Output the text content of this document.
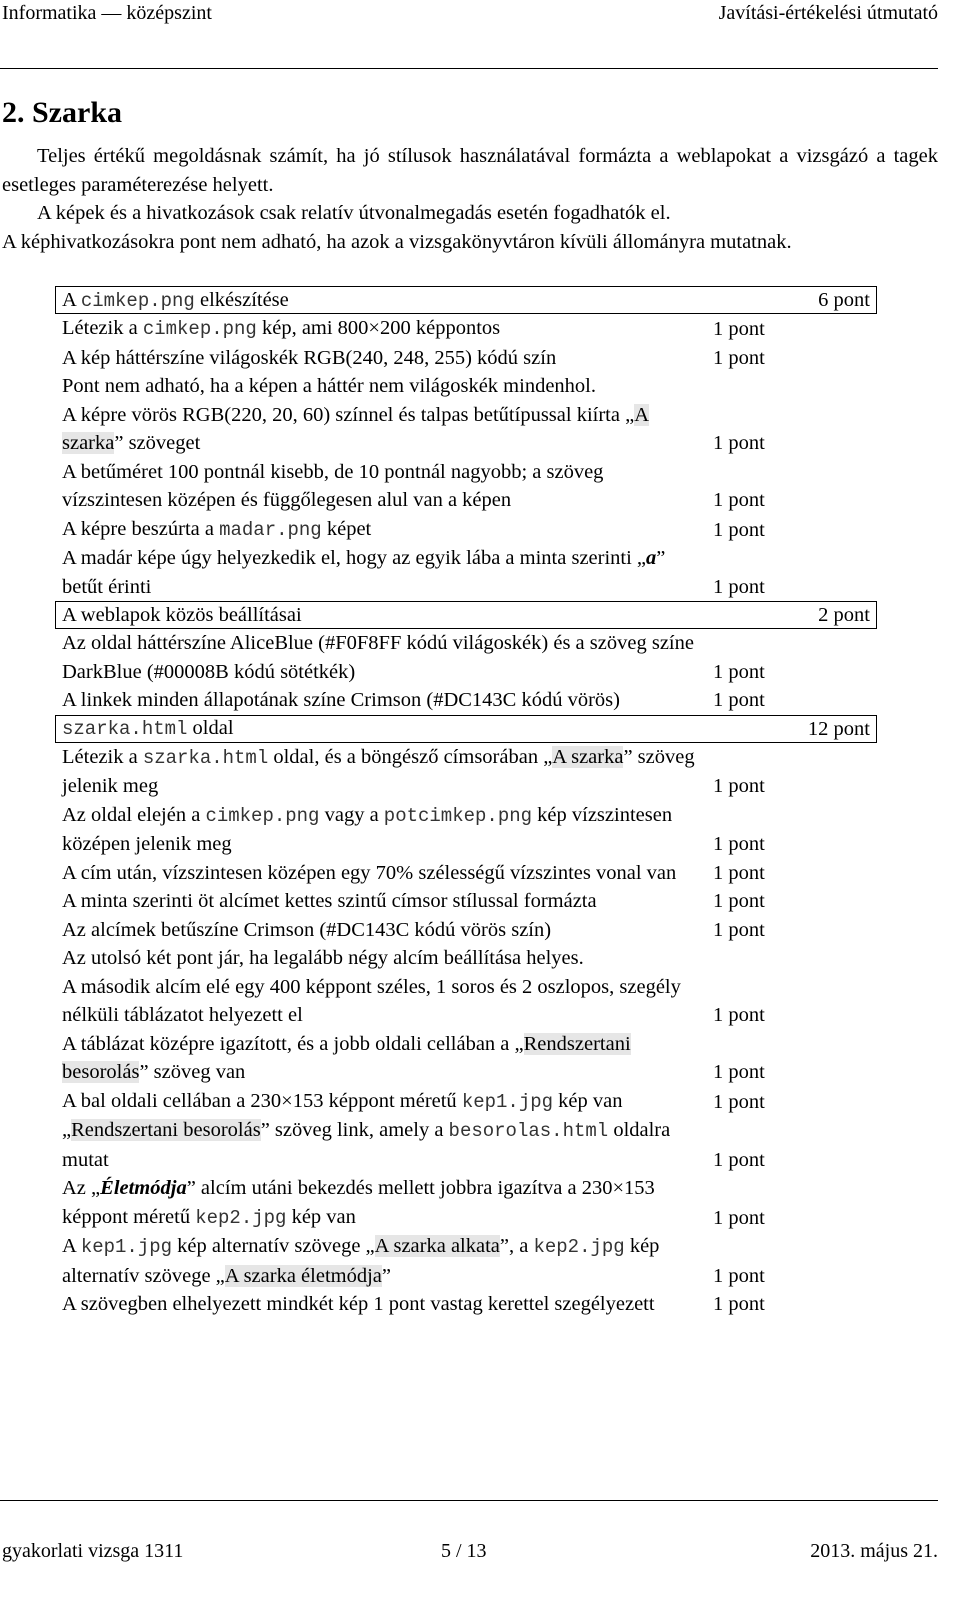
Informatika — középszint	Javítási-értékelési útmutató
2. Szarka

Teljes értékű megoldásnak számít, ha jó stílusok használatával formázta a weblapokat a vizsgázó a tagek esetleges paraméterezése helyett.

A képek és a hivatkozások csak relatív útvonalmegadás esetén fogadhatók el.

A képhivatkozásokra pont nem adható, ha azok a vizsgakönyvtáron kívüli állományra mutatnak.

A cimkep.png elkészítése	6 pont
Létezik a cimkep.png kép, ami 800×200 képpontos	1 pont
A kép háttérszíne világoskék RGB(240, 248, 255) kódú szín	1 pont
Pont nem adható, ha a képen a háttér nem világoskék mindenhol.
A képre vörös RGB(220, 20, 60) színnel és talpas betűtípussal kiírta „A szarka” szöveget	1 pont
A betűméret 100 pontnál kisebb, de 10 pontnál nagyobb; a szöveg vízszintesen középen és függőlegesen alul van a képen	1 pont
A képre beszúrta a madar.png képet	1 pont
A madár képe úgy helyezkedik el, hogy az egyik lába a minta szerinti „a” betűt érinti	1 pont
A weblapok közös beállításai	2 pont
Az oldal háttérszíne AliceBlue (#F0F8FF kódú világoskék) és a szöveg színe DarkBlue (#00008B kódú sötétkék)	1 pont
A linkek minden állapotának színe Crimson (#DC143C kódú vörös)	1 pont
szarka.html oldal	12 pont
Létezik a szarka.html oldal, és a böngésző címsorában „A szarka” szöveg jelenik meg	1 pont
Az oldal elején a cimkep.png vagy a potcimkep.png kép vízszintesen középen jelenik meg	1 pont
A cím után, vízszintesen középen egy 70% szélességű vízszintes vonal van	1 pont
A minta szerinti öt alcímet kettes szintű címsor stílussal formázta	1 pont
Az alcímek betűszíne Crimson (#DC143C kódú vörös szín)	1 pont
Az utolsó két pont jár, ha legalább négy alcím beállítása helyes.
A második alcím elé egy 400 képpont széles, 1 soros és 2 oszlopos, szegély nélküli táblázatot helyezett el	1 pont
A táblázat középre igazított, és a jobb oldali cellában a „Rendszertani besorolás” szöveg van	1 pont
A bal oldali cellában a 230×153 képpont méretű kep1.jpg kép van	1 pont
„Rendszertani besorolás” szöveg link, amely a besorolas.html oldalra mutat	1 pont
Az „Életmódja” alcím utáni bekezdés mellett jobbra igazítva a 230×153 képpont méretű kep2.jpg kép van	1 pont
A kep1.jpg kép alternatív szövege „A szarka alkata”, a kep2.jpg kép alternatív szövege „A szarka életmódja”	1 pont
A szövegben elhelyezett mindkét kép 1 pont vastag kerettel szegélyezett	1 pont
gyakorlati vizsga 1311	5 / 13	2013. május 21.
